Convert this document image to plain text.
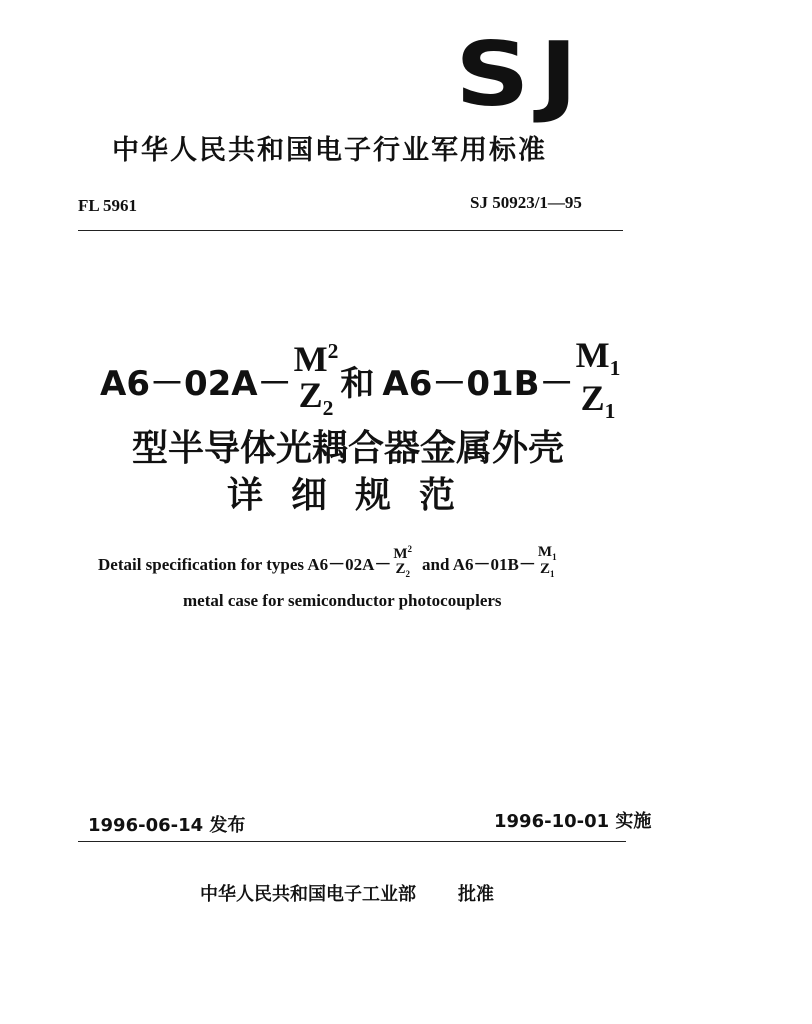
SJ
中华人民共和国电子行业军用标准
FL 5961	SJ 50923/1—95
A6－02A－
$M^2$
$Z_2$
和 A6－01B－
$M_1$
$Z_1$
型半导体光耦合器金属外壳
详细规范
Detail specification for types A6－02A－
$M^2$
$Z_2$
and A6－01B－
$M_1$
$Z_1$
metal case for semiconductor photocouplers
1996-06-14 发布	1996-10-01 实施
中华人民共和国电子工业部 批准
